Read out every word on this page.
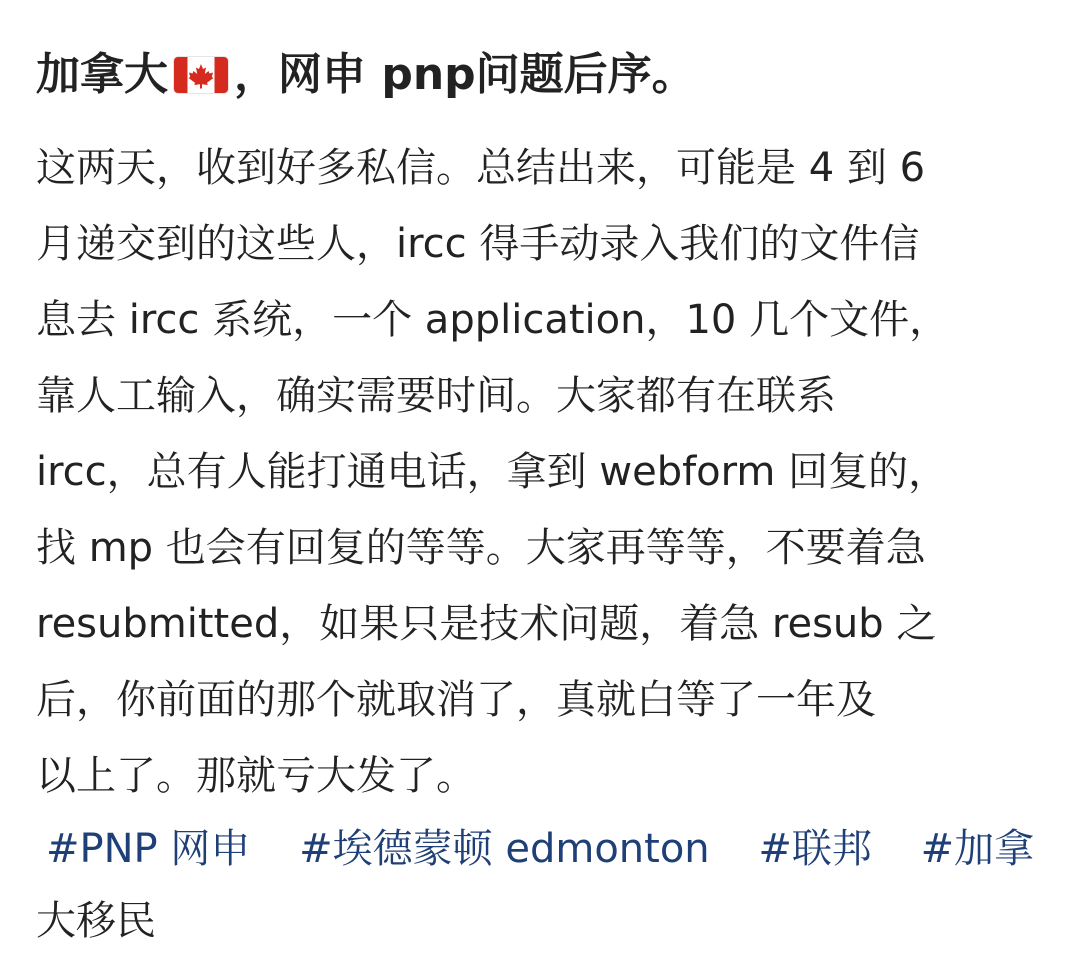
加拿大 ，网申 pnp问题后序。
这两天，收到好多私信。总结出来，可能是 4 到 6
月递交到的这些人，ircc 得手动录入我们的文件信
息去 ircc 系统，一个 application，10 几个文件，
靠人工输入，确实需要时间。大家都有在联系
ircc，总有人能打通电话，拿到 webform 回复的，
找 mp 也会有回复的等等。大家再等等，不要着急
resubmitted，如果只是技术问题，着急 resub 之
后，你前面的那个就取消了，真就白等了一年及
以上了。那就亏大发了。
#PNP 网申 #埃德蒙顿 edmonton #联邦 #加拿
大移民
